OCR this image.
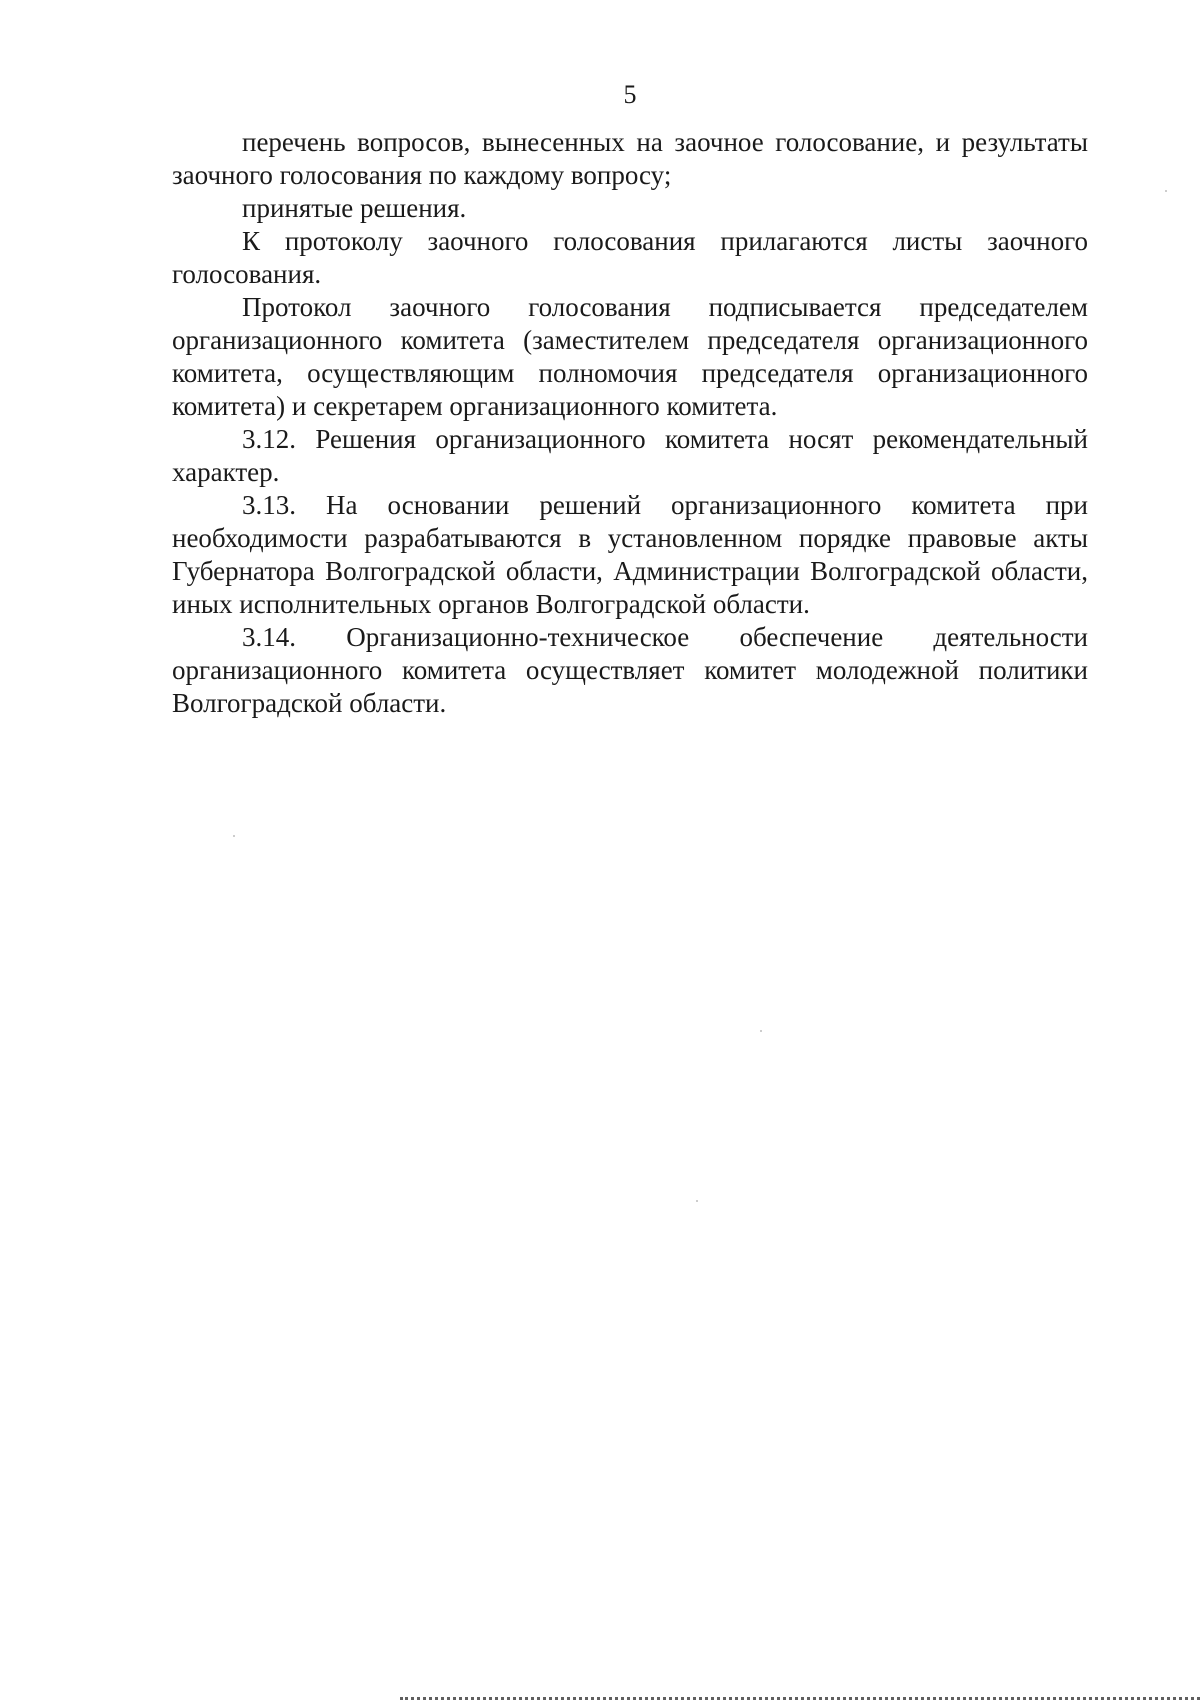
5

перечень вопросов, вынесенных на заочное голосование, и результаты заочного голосования по каждому вопросу;

принятые решения.

К протоколу заочного голосования прилагаются листы заочного голосования.

Протокол заочного голосования подписывается председателем организационного комитета (заместителем председателя организационного комитета, осуществляющим полномочия председателя организационного комитета) и секретарем организационного комитета.

3.12. Решения организационного комитета носят рекомендательный характер.

3.13. На основании решений организационного комитета при необходимости разрабатываются в установленном порядке правовые акты Губернатора Волгоградской области, Администрации Волгоградской области, иных исполнительных органов Волгоградской области.

3.14. Организационно-техническое обеспечение деятельности организационного комитета осуществляет комитет молодежной политики Волгоградской области.
